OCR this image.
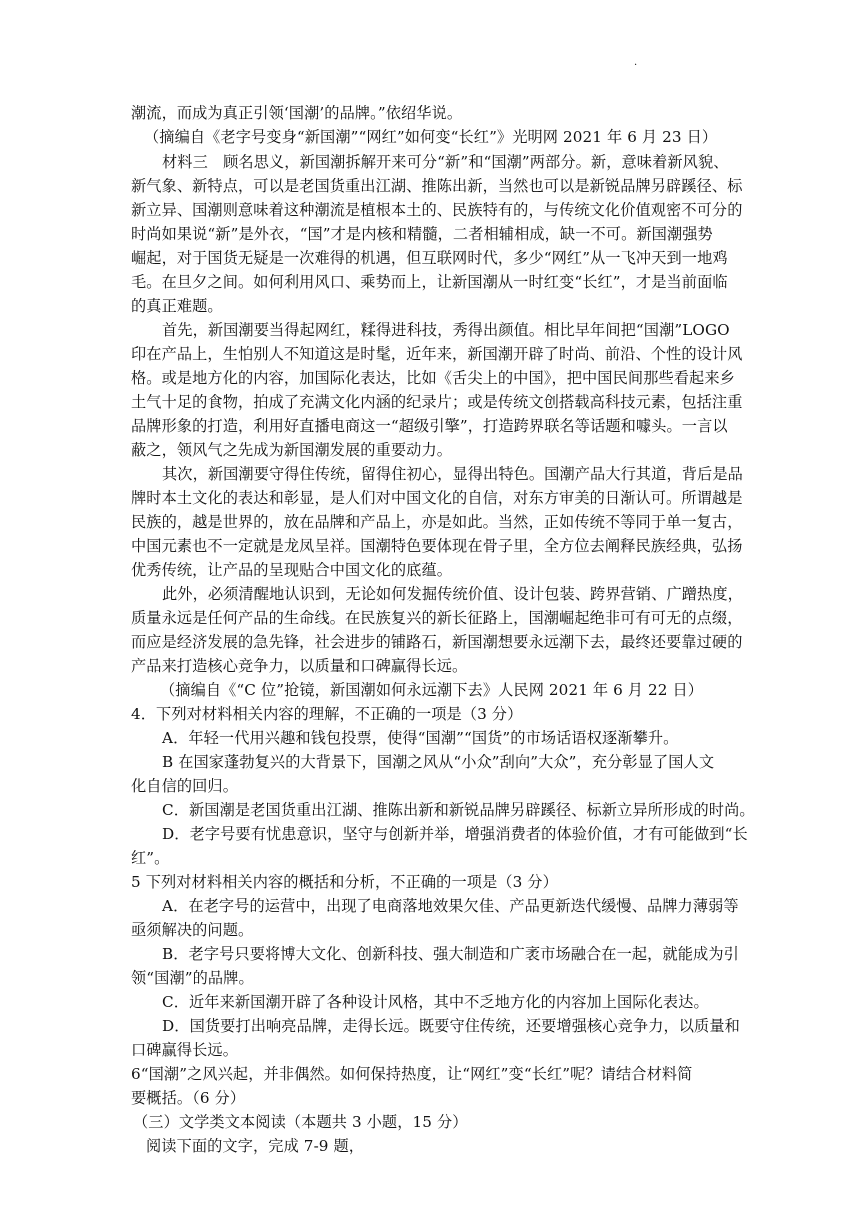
.
潮流，而成为真正引领‘国潮’的品牌。”依绍华说。
（摘编自《老字号变身“新国潮”“网红”如何变“长红”》光明网 2021 年 6 月 23 日）
材料三　顾名思义，新国潮拆解开来可分“新”和“国潮”两部分。新，意味着新风貌、
新气象、新特点，可以是老国货重出江湖、推陈出新，当然也可以是新锐品牌另辟蹊径、标
新立异、国潮则意味着这种潮流是植根本土的、民族特有的，与传统文化价值观密不可分的
时尚如果说“新”是外衣，“国”才是内核和精髓，二者相辅相成，缺一不可。新国潮强势
崛起，对于国货无疑是一次难得的机遇，但互联网时代，多少“网红”从一飞冲天到一地鸡
毛。在旦夕之间。如何利用风口、乘势而上，让新国潮从一时红变“长红”，才是当前面临
的真正难题。
首先，新国潮要当得起网红，糅得进科技，秀得出颜值。相比早年间把“国潮”LOGO
印在产品上，生怕别人不知道这是时髦，近年来，新国潮开辟了时尚、前沿、个性的设计风
格。或是地方化的内容，加国际化表达，比如《舌尖上的中国》，把中国民间那些看起来乡
土气十足的食物，拍成了充满文化内涵的纪录片；或是传统文创搭载高科技元素，包括注重
品牌形象的打造，利用好直播电商这一“超级引擎”，打造跨界联名等话题和噱头。一言以
蔽之，领风气之先成为新国潮发展的重要动力。
其次，新国潮要守得住传统，留得住初心，显得出特色。国潮产品大行其道，背后是品
牌时本土文化的表达和彰显，是人们对中国文化的自信，对东方审美的日渐认可。所谓越是
民族的，越是世界的，放在品牌和产品上，亦是如此。当然，正如传统不等同于单一复古，
中国元素也不一定就是龙凤呈祥。国潮特色要体现在骨子里，全方位去阐释民族经典，弘扬
优秀传统，让产品的呈现贴合中国文化的底蕴。
此外，必须清醒地认识到，无论如何发掘传统价值、设计包装、跨界营销、广蹭热度，
质量永远是任何产品的生命线。在民族复兴的新长征路上，国潮崛起绝非可有可无的点缀，
而应是经济发展的急先锋，社会进步的铺路石，新国潮想要永远潮下去，最终还要靠过硬的
产品来打造核心竞争力，以质量和口碑赢得长远。
（摘编自《“C 位”抢镜，新国潮如何永远潮下去》人民网 2021 年 6 月 22 日）
4．下列对材料相关内容的理解，不正确的一项是（3 分）
A．年轻一代用兴趣和钱包投票，使得“国潮”“国货”的市场话语权逐渐攀升。
B 在国家蓬勃复兴的大背景下，国潮之风从“小众”刮向”大众”，充分彰显了国人文
化自信的回归。
C．新国潮是老国货重出江湖、推陈出新和新锐品牌另辟蹊径、标新立异所形成的时尚。
D．老字号要有忧患意识，坚守与创新并举，增强消费者的体验价值，才有可能做到“长
红”。
5 下列对材料相关内容的概括和分析，不正确的一项是（3 分）
A．在老字号的运营中，出现了电商落地效果欠佳、产品更新迭代缓慢、品牌力薄弱等
亟须解决的问题。
B．老字号只要将博大文化、创新科技、强大制造和广袤市场融合在一起，就能成为引
领“国潮”的品牌。
C．近年来新国潮开辟了各种设计风格，其中不乏地方化的内容加上国际化表达。
D．国货要打出响亮品牌，走得长远。既要守住传统，还要增强核心竞争力，以质量和
口碑赢得长远。
6“国潮”之风兴起，并非偶然。如何保持热度，让“网红”变“长红”呢？请结合材料简
要概括。（6 分）
（三）文学类文本阅读（本题共 3 小题，15 分）
阅读下面的文字，完成 7-9 题，
